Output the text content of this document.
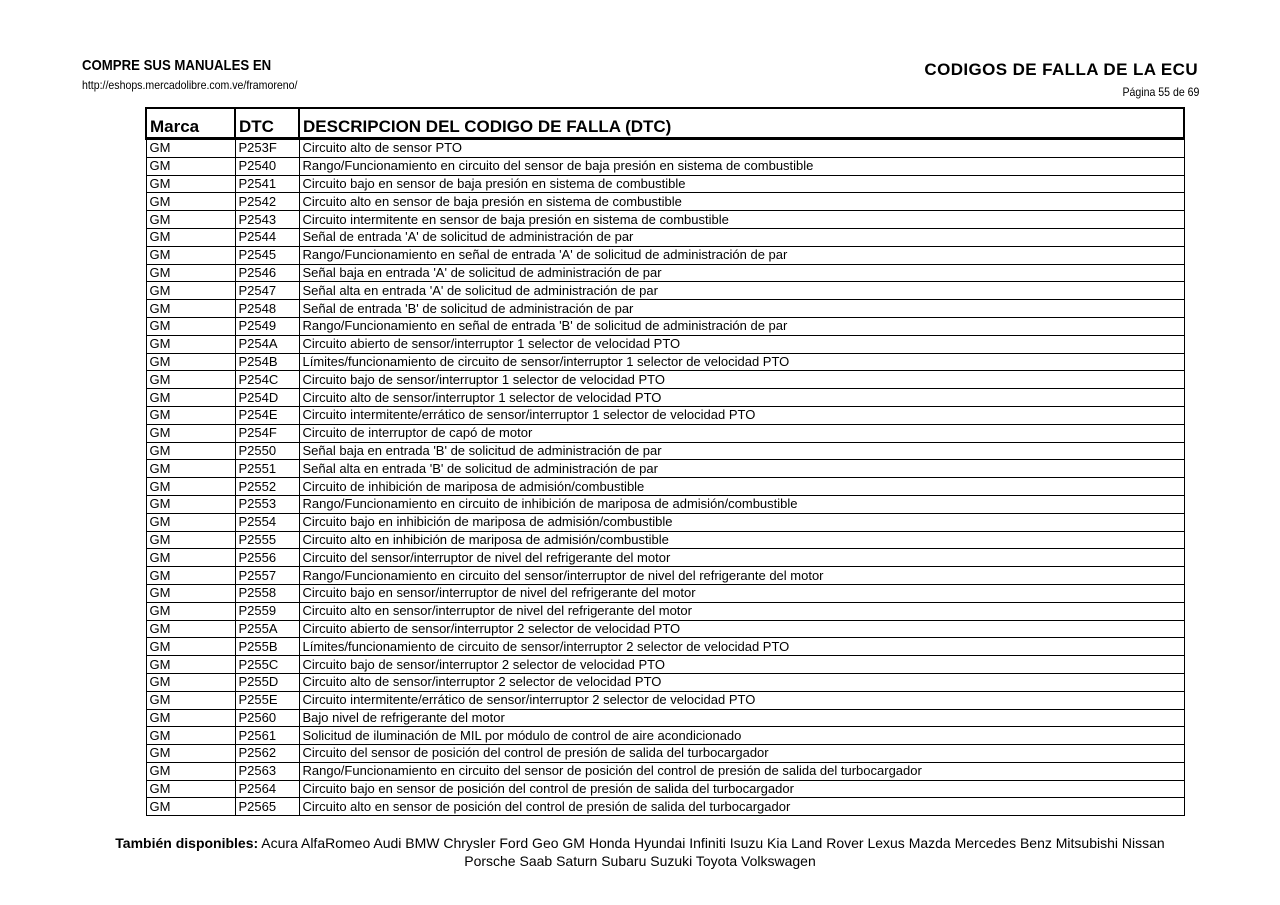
COMPRE SUS MANUALES EN
http://eshops.mercadolibre.com.ve/framoreno/
CODIGOS DE FALLA DE LA ECU
Página 55 de 69
Marca	DTC	DESCRIPCION DEL CODIGO DE FALLA (DTC)
GM	P253F	Circuito alto de sensor PTO
GM	P2540	Rango/Funcionamiento en circuito del sensor de baja presión en sistema de combustible
GM	P2541	Circuito bajo en sensor de baja presión en sistema de combustible
GM	P2542	Circuito alto en sensor de baja presión en sistema de combustible
GM	P2543	Circuito intermitente en sensor de baja presión en sistema de combustible
GM	P2544	Señal de entrada 'A' de solicitud de administración de par
GM	P2545	Rango/Funcionamiento en señal de entrada 'A' de solicitud de administración de par
GM	P2546	Señal baja en entrada 'A' de solicitud de administración de par
GM	P2547	Señal alta en entrada 'A' de solicitud de administración de par
GM	P2548	Señal de entrada 'B' de solicitud de administración de par
GM	P2549	Rango/Funcionamiento en señal de entrada 'B' de solicitud de administración de par
GM	P254A	Circuito abierto de sensor/interruptor 1 selector de velocidad PTO
GM	P254B	Límites/funcionamiento de circuito de sensor/interruptor 1 selector de velocidad PTO
GM	P254C	Circuito bajo de sensor/interruptor 1 selector de velocidad PTO
GM	P254D	Circuito alto de sensor/interruptor 1 selector de velocidad PTO
GM	P254E	Circuito intermitente/errático de sensor/interruptor 1 selector de velocidad PTO
GM	P254F	Circuito de interruptor de capó de motor
GM	P2550	Señal baja en entrada 'B' de solicitud de administración de par
GM	P2551	Señal alta en entrada 'B' de solicitud de administración de par
GM	P2552	Circuito de inhibición de mariposa de admisión/combustible
GM	P2553	Rango/Funcionamiento en circuito de inhibición de mariposa de admisión/combustible
GM	P2554	Circuito bajo en inhibición de mariposa de admisión/combustible
GM	P2555	Circuito alto en inhibición de mariposa de admisión/combustible
GM	P2556	Circuito del sensor/interruptor de nivel del refrigerante del motor
GM	P2557	Rango/Funcionamiento en circuito del sensor/interruptor de nivel del refrigerante del motor
GM	P2558	Circuito bajo en sensor/interruptor de nivel del refrigerante del motor
GM	P2559	Circuito alto en sensor/interruptor de nivel del refrigerante del motor
GM	P255A	Circuito abierto de sensor/interruptor 2 selector de velocidad PTO
GM	P255B	Límites/funcionamiento de circuito de sensor/interruptor 2 selector de velocidad PTO
GM	P255C	Circuito bajo de sensor/interruptor 2 selector de velocidad PTO
GM	P255D	Circuito alto de sensor/interruptor 2 selector de velocidad PTO
GM	P255E	Circuito intermitente/errático de sensor/interruptor 2 selector de velocidad PTO
GM	P2560	Bajo nivel de refrigerante del motor
GM	P2561	Solicitud de iluminación de MIL por módulo de control de aire acondicionado
GM	P2562	Circuito del sensor de posición del control de presión de salida del turbocargador
GM	P2563	Rango/Funcionamiento en circuito del sensor de posición del control de presión de salida del turbocargador
GM	P2564	Circuito bajo en sensor de posición del control de presión de salida del turbocargador
GM	P2565	Circuito alto en sensor de posición del control de presión de salida del turbocargador
También disponibles: Acura AlfaRomeo Audi BMW Chrysler Ford Geo GM Honda Hyundai Infiniti Isuzu Kia Land Rover Lexus Mazda Mercedes Benz Mitsubishi Nissan
Porsche Saab Saturn Subaru Suzuki Toyota Volkswagen
